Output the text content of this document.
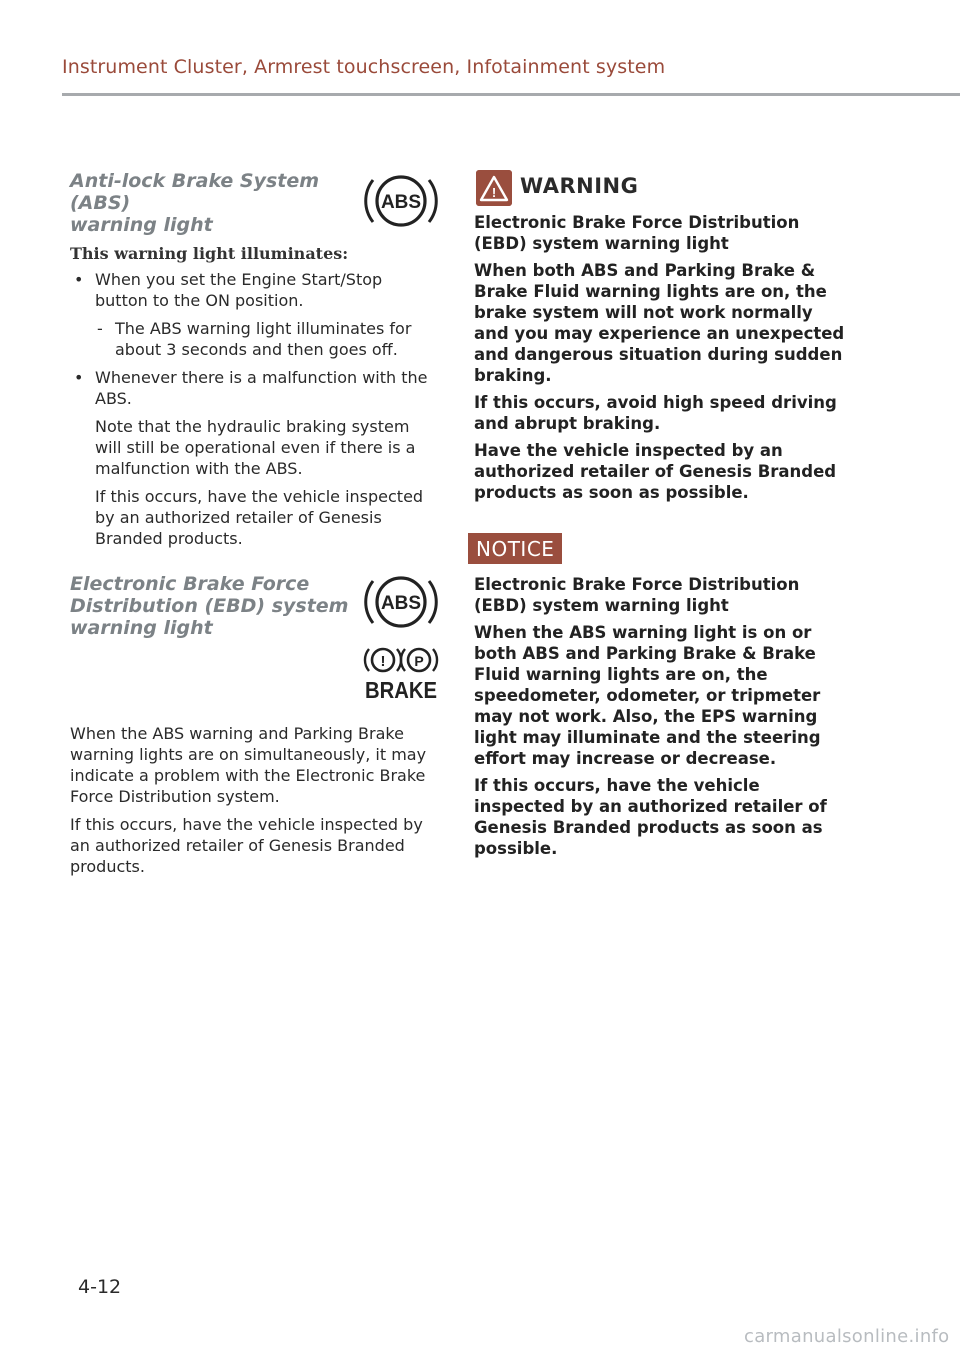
Instrument Cluster, Armrest touchscreen, Infotainment system
Anti-lock Brake System (ABS)
warning light
ABS
This warning light illuminates:
• When you set the Engine Start/Stop button to the ON position.
- The ABS warning light illuminates for about 3 seconds and then goes off.
• Whenever there is a malfunction with the ABS.
Note that the hydraulic braking system will still be operational even if there is a malfunction with the ABS.
If this occurs, have the vehicle inspected by an authorized retailer of Genesis Branded products.
Electronic Brake Force
Distribution (EBD) system
warning light
ABS
! P
BRAKE
When the ABS warning and Parking Brake warning lights are on simultaneously, it may indicate a problem with the Electronic Brake Force Distribution system.
If this occurs, have the vehicle inspected by an authorized retailer of Genesis Branded products.
! WARNING

Electronic Brake Force Distribution (EBD) system warning light

When both ABS and Parking Brake & Brake Fluid warning lights are on, the brake system will not work normally and you may experience an unexpected and dangerous situation during sudden braking.

If this occurs, avoid high speed driving and abrupt braking.

Have the vehicle inspected by an authorized retailer of Genesis Branded products as soon as possible.

NOTICE

Electronic Brake Force Distribution (EBD) system warning light

When the ABS warning light is on or both ABS and Parking Brake & Brake Fluid warning lights are on, the speedometer, odometer, or tripmeter may not work. Also, the EPS warning light may illuminate and the steering effort may increase or decrease.

If this occurs, have the vehicle inspected by an authorized retailer of Genesis Branded products as soon as possible.

4-12
carmanualsonline.info
